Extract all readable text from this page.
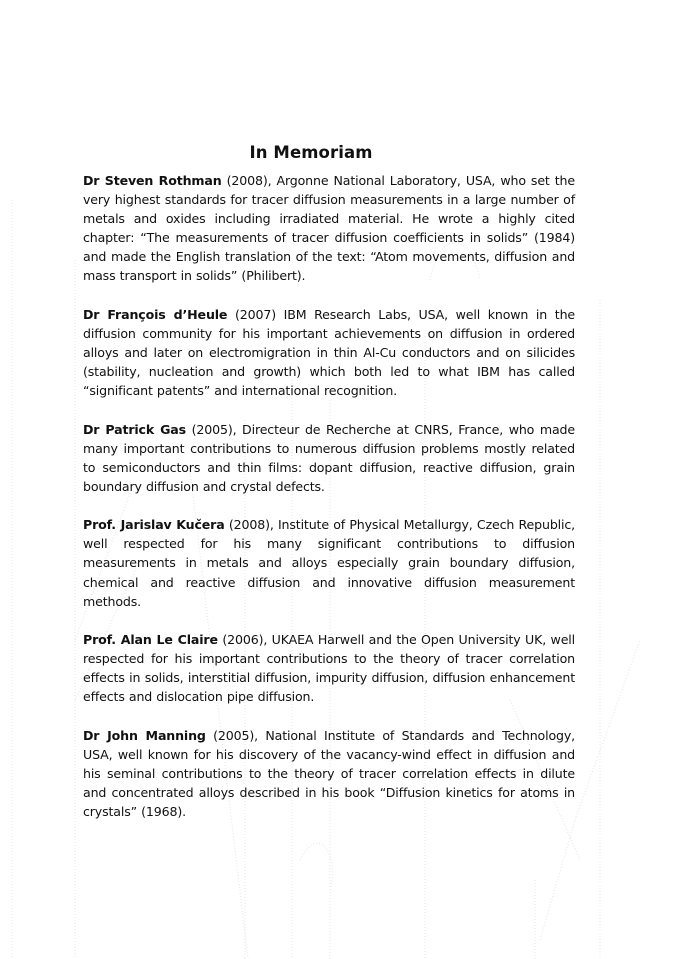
In Memoriam

Dr Steven Rothman (2008), Argonne National Laboratory, USA, who set the very highest standards for tracer diffusion measurements in a large number of metals and oxides including irradiated material. He wrote a highly cited chapter: “The measurements of tracer diffusion coefficients in solids” (1984) and made the English translation of the text: “Atom movements, diffusion and mass transport in solids” (Philibert).

Dr François d’Heule (2007) IBM Research Labs, USA, well known in the diffusion community for his important achievements on diffusion in ordered alloys and later on electromigration in thin Al-Cu conductors and on silicides (stability, nucleation and growth) which both led to what IBM has called “significant patents” and international recognition.

Dr Patrick Gas (2005), Directeur de Recherche at CNRS, France, who made many important contributions to numerous diffusion problems mostly related to semiconductors and thin films: dopant diffusion, reactive diffusion, grain boundary diffusion and crystal defects.

Prof. Jarislav Kučera (2008), Institute of Physical Metallurgy, Czech Republic, well respected for his many significant contributions to diffusion measurements in metals and alloys especially grain boundary diffusion, chemical and reactive diffusion and innovative diffusion measurement methods.

Prof. Alan Le Claire (2006), UKAEA Harwell and the Open University UK, well respected for his important contributions to the theory of tracer correlation effects in solids, interstitial diffusion, impurity diffusion, diffusion enhancement effects and dislocation pipe diffusion.

Dr John Manning (2005), National Institute of Standards and Technology, USA, well known for his discovery of the vacancy-wind effect in diffusion and his seminal contributions to the theory of tracer correlation effects in dilute and concentrated alloys described in his book “Diffusion kinetics for atoms in crystals” (1968).
